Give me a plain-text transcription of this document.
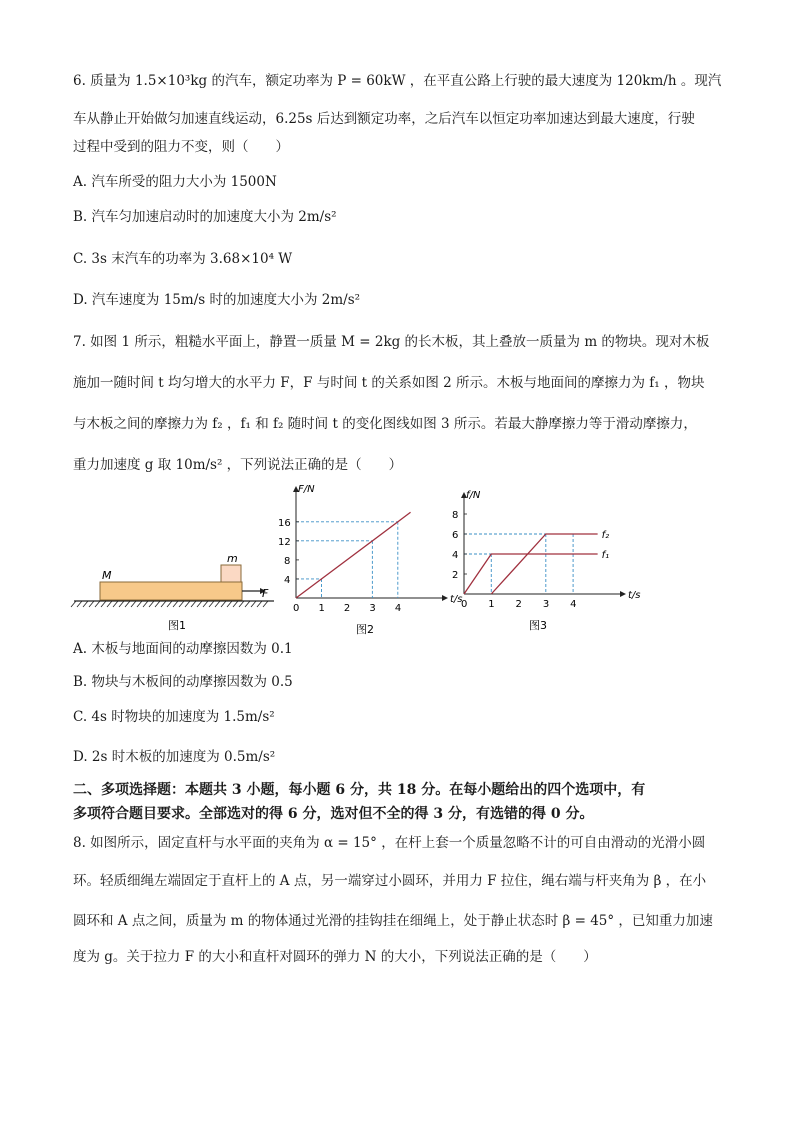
6. 质量为 1.5×10³kg 的汽车，额定功率为 P = 60kW ，在平直公路上行驶的最大速度为 120km/h 。现汽
车从静止开始做匀加速直线运动，6.25s 后达到额定功率，之后汽车以恒定功率加速达到最大速度，行驶
过程中受到的阻力不变，则（　　）
A. 汽车所受的阻力大小为 1500N
B. 汽车匀加速启动时的加速度大小为 2m/s²
C. 3s 末汽车的功率为 3.68×10⁴ W
D. 汽车速度为 15m/s 时的加速度大小为 2m/s²
7. 如图 1 所示，粗糙水平面上，静置一质量 M = 2kg 的长木板，其上叠放一质量为 m 的物块。现对木板
施加一随时间 t 均匀增大的水平力 F，F 与时间 t 的关系如图 2 所示。木板与地面间的摩擦力为 f₁ ，物块
与木板之间的摩擦力为 f₂ ，f₁ 和 f₂ 随时间 t 的变化图线如图 3 所示。若最大静摩擦力等于滑动摩擦力，
重力加速度 g 取 10m/s² ，下列说法正确的是（　　）
M
m
F
图1
0 1 2 3 4
4
8
12
16
t/s
F/N
图2
0 1 2 3 4
2
4
6
8
f₁
f₂
t/s
f/N
图3
A. 木板与地面间的动摩擦因数为 0.1
B. 物块与木板间的动摩擦因数为 0.5
C. 4s 时物块的加速度为 1.5m/s²
D. 2s 时木板的加速度为 0.5m/s²
二、多项选择题：本题共 3 小题，每小题 6 分，共 18 分。在每小题给出的四个选项中，有
多项符合题目要求。全部选对的得 6 分，选对但不全的得 3 分，有选错的得 0 分。
8. 如图所示，固定直杆与水平面的夹角为 α = 15° ，在杆上套一个质量忽略不计的可自由滑动的光滑小圆
环。轻质细绳左端固定于直杆上的 A 点，另一端穿过小圆环，并用力 F 拉住，绳右端与杆夹角为 β ，在小
圆环和 A 点之间，质量为 m 的物体通过光滑的挂钩挂在细绳上，处于静止状态时 β = 45° ，已知重力加速
度为 g。关于拉力 F 的大小和直杆对圆环的弹力 N 的大小，下列说法正确的是（　　）
